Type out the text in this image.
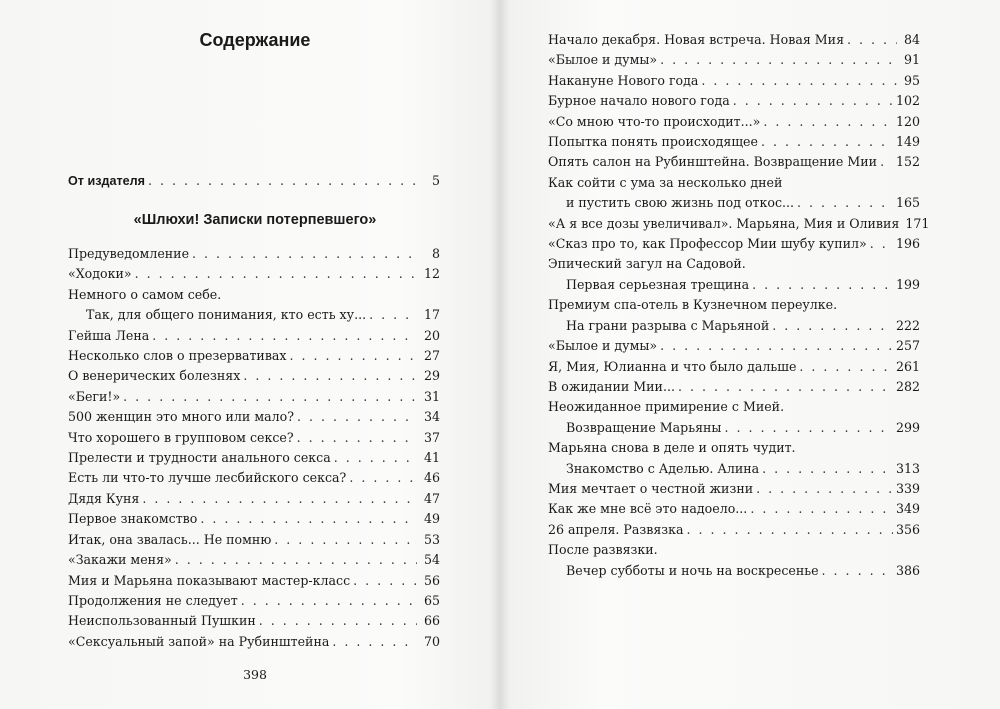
Содержание
От издателя . . .	5
«Шлюхи! Записки потерпевшего»
Предуведомление . . .	8
«Ходоки» . . .	12
Немного о самом себе.
Так, для общего понимания, кто есть ху... . . .	17
Гейша Лена . . .	20
Несколько слов о презервативах . . .	27
О венерических болезнях . . .	29
«Беги!» . . .	31
500 женщин это много или мало? . . .	34
Что хорошего в групповом сексе? . . .	37
Прелести и трудности анального секса . . .	41
Есть ли что-то лучше лесбийского секса? . . .	46
Дядя Куня . . .	47
Первое знакомство . . .	49
Итак, она звалась... Не помню . . .	53
«Закажи меня» . . .	54
Мия и Марьяна показывают мастер-класс . . .	56
Продолжения не следует . . .	65
Неиспользованный Пушкин . . .	66
«Сексуальный запой» на Рубинштейна . . .	70
398
Начало декабря. Новая встреча. Новая Мия . . .	84
«Былое и думы» . . .	91
Накануне Нового года . . .	95
Бурное начало нового года . . .	102
«Со мною что-то происходит...» . . .	120
Попытка понять происходящее . . .	149
Опять салон на Рубинштейна. Возвращение Мии . . . 152
Как сойти с ума за несколько дней
и пустить свою жизнь под откос... . . .	165
«А я все дозы увеличивал». Марьяна, Мия и Оливия 171
«Сказ про то, как Профессор Мии шубу купил» . . . 196
Эпический загул на Садовой.
Первая серьезная трещина . . .	199
Премиум спа-отель в Кузнечном переулке.
На грани разрыва с Марьяной . . .	222
«Былое и думы» . . .	257
Я, Мия, Юлианна и что было дальше . . .	261
В ожидании Мии... . . .	282
Неожиданное примирение с Мией.
Возвращение Марьяны . . .	299
Марьяна снова в деле и опять чудит.
Знакомство с Аделью. Алина . . .	313
Мия мечтает о честной жизни . . .	339
Как же мне всё это надоело... . . .	349
26 апреля. Развязка . . .	356
После развязки.
Вечер субботы и ночь на воскресенье . . .	386
